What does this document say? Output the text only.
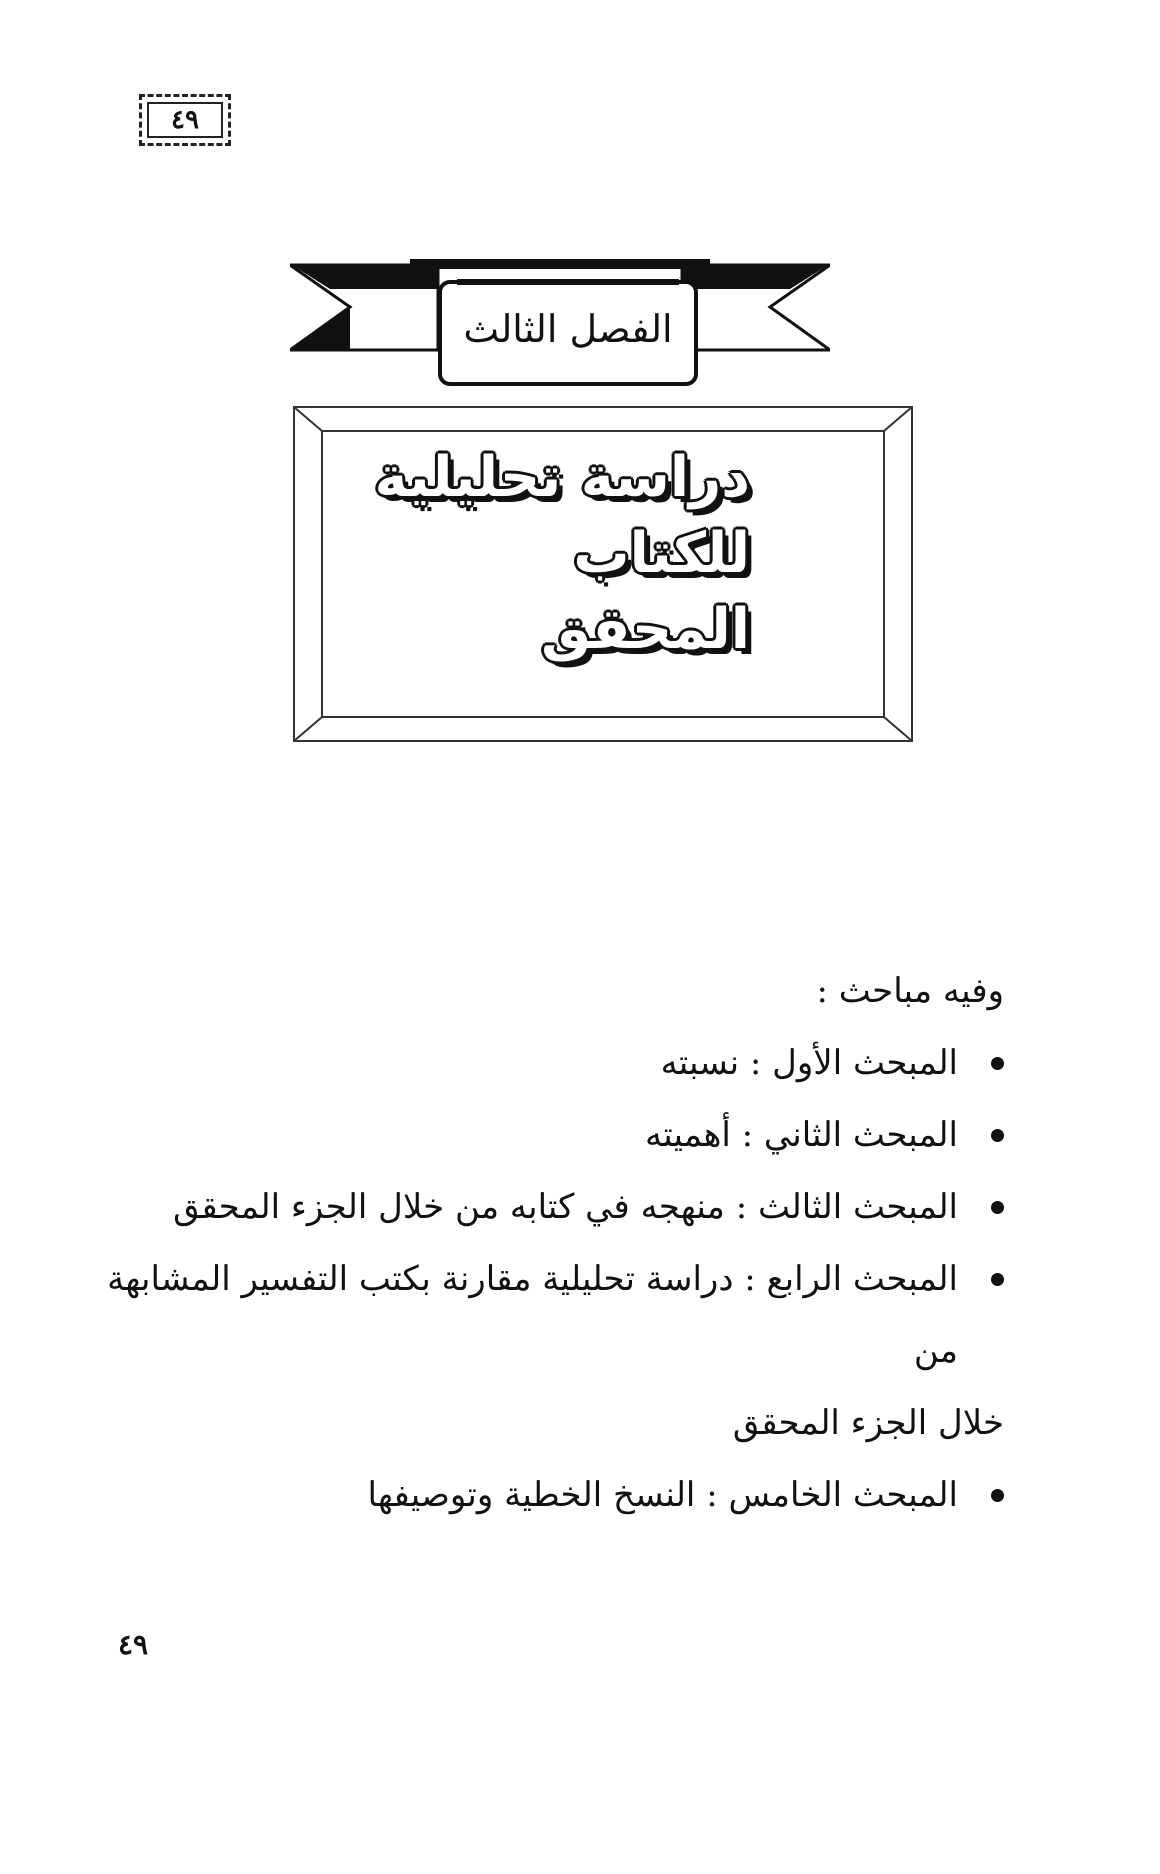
٤٩
الفصل الثالث
دراسة تحليلية
للكتاب المحقق

وفيه مباحث :

المبحث الأول : نسبته
المبحث الثاني : أهميته
المبحث الثالث : منهجه في كتابه من خلال الجزء المحقق
المبحث الرابع : دراسة تحليلية مقارنة بكتب التفسير المشابهة من
خلال الجزء المحقق
المبحث الخامس : النسخ الخطية وتوصيفها
٤٩
